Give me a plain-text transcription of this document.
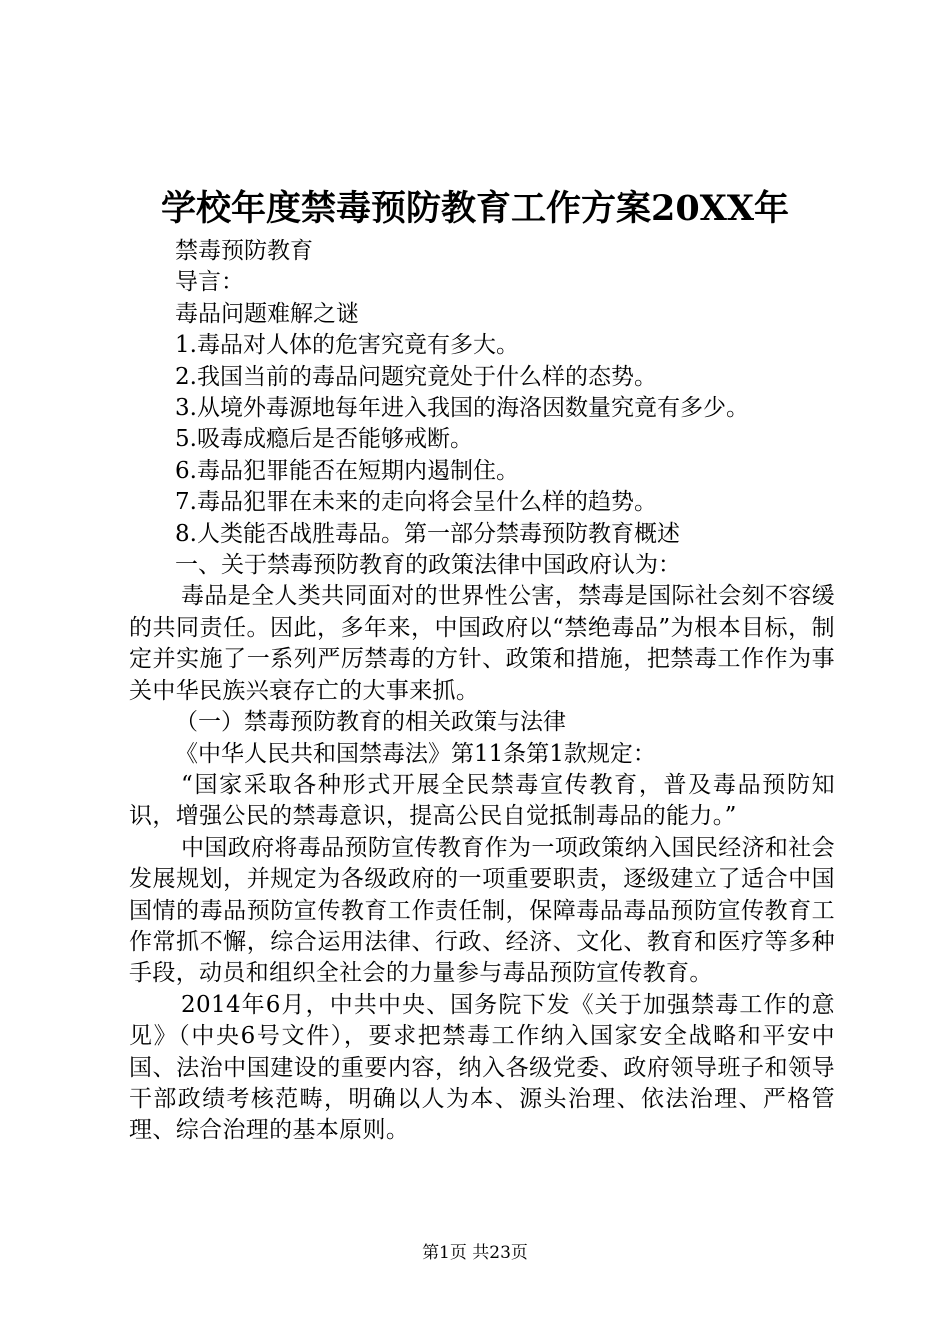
学校年度禁毒预防教育工作方案20XX年

禁毒预防教育

导言：

毒品问题难解之谜

1.毒品对人体的危害究竟有多大。

2.我国当前的毒品问题究竟处于什么样的态势。

3.从境外毒源地每年进入我国的海洛因数量究竟有多少。

5.吸毒成瘾后是否能够戒断。

6.毒品犯罪能否在短期内遏制住。

7.毒品犯罪在未来的走向将会呈什么样的趋势。

8.人类能否战胜毒品。第一部分禁毒预防教育概述

一、关于禁毒预防教育的政策法律中国政府认为：

毒品是全人类共同面对的世界性公害，禁毒是国际社会刻不容缓的共同责任。因此，多年来，中国政府以“禁绝毒品”为根本目标，制定并实施了一系列严厉禁毒的方针、政策和措施，把禁毒工作作为事关中华民族兴衰存亡的大事来抓。

（一）禁毒预防教育的相关政策与法律

《中华人民共和国禁毒法》第11条第1款规定：

“国家采取各种形式开展全民禁毒宣传教育，普及毒品预防知识，增强公民的禁毒意识，提高公民自觉抵制毒品的能力。”

中国政府将毒品预防宣传教育作为一项政策纳入国民经济和社会发展规划，并规定为各级政府的一项重要职责，逐级建立了适合中国国情的毒品预防宣传教育工作责任制，保障毒品毒品预防宣传教育工作常抓不懈，综合运用法律、行政、经济、文化、教育和医疗等多种手段，动员和组织全社会的力量参与毒品预防宣传教育。

2014年6月，中共中央、国务院下发《关于加强禁毒工作的意见》（中央6号文件），要求把禁毒工作纳入国家安全战略和平安中国、法治中国建设的重要内容，纳入各级党委、政府领导班子和领导干部政绩考核范畴，明确以人为本、源头治理、依法治理、严格管理、综合治理的基本原则。

第1页 共23页
